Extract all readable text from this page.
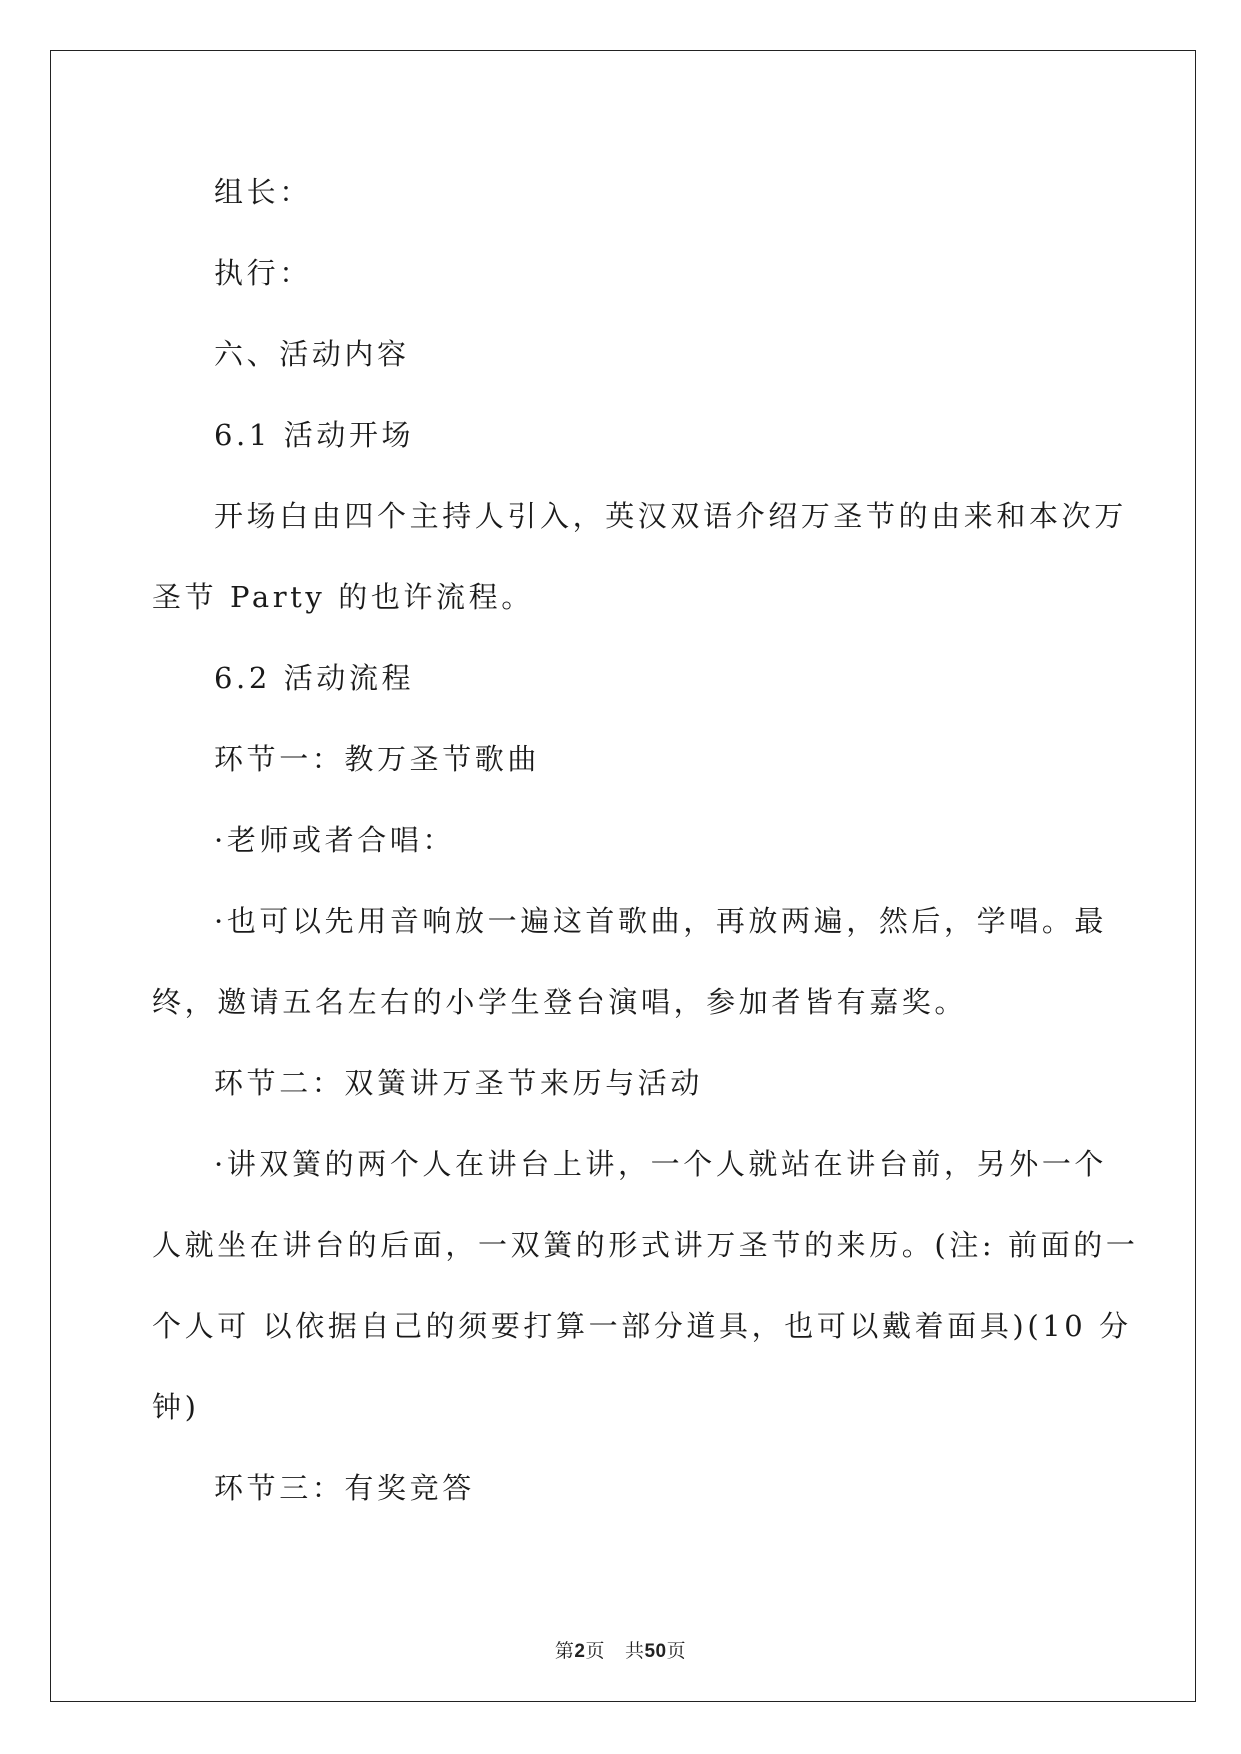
组长：
执行：
六、活动内容
6.1 活动开场
开场白由四个主持人引入，英汉双语介绍万圣节的由来和本次万
圣节 Party 的也许流程。
6.2 活动流程
环节一：教万圣节歌曲
·老师或者合唱：
·也可以先用音响放一遍这首歌曲，再放两遍，然后，学唱。最
终，邀请五名左右的小学生登台演唱，参加者皆有嘉奖。
环节二：双簧讲万圣节来历与活动
·讲双簧的两个人在讲台上讲，一个人就站在讲台前，另外一个
人就坐在讲台的后面，一双簧的形式讲万圣节的来历。(注: 前面的一
个人可 以依据自己的须要打算一部分道具，也可以戴着面具)(10 分
钟)
环节三：有奖竞答
第2页 共50页
